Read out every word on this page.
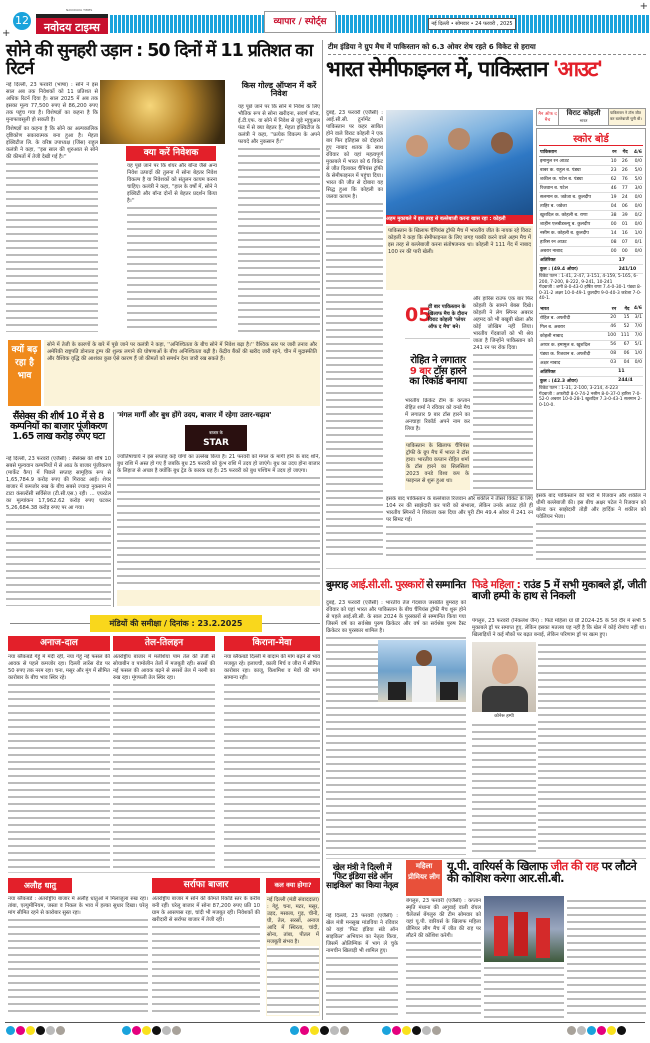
+
+
12
NAVODAYA TIMES
नवोदय टाइम्स	व्यापार / स्पोर्ट्स	नई दिल्ली • सोमवार • 24 फरवरी , 2025
सोने की सुनहरी उड़ान : 50 दिनों में 11 प्रतिशत का रिटर्न

नई दिल्ली, 23 फरवरी (भाषा) : सोने ने इस साल अब तक निवेशकों को 11 प्रतिशत से अधिक रिटर्न दिया है। साल 2025 में अब तक इसका मूल्य 77,500 रुपए से 86,200 रुपए तक पहुंच गया है। विशेषज्ञों का कहना है कि मुनाफावसूली हो सकती है।

विशेषज्ञों का कहना है कि सोने का अल्पकालिक दृष्टिकोण सकारात्मक बना हुआ है। मेहता इक्विटीज लि. के वरिष्ठ उपाध्यक्ष (जिंस) राहुल कलंत्री ने कहा, ''इस साल की शुरुआत से सोने की कीमतों में तेजी देखी गई है।''	क्या करें निवेशक

यह पूछे जाने पर कि शेयर और बॉन्ड जैसे अन्य निवेश उत्पादों की तुलना में सोना बेहतर निवेश विकल्प है या निवेशकों को संतुलन कायम करना चाहिए। कलंत्री ने कहा, ''हाल के वर्षों में, सोने ने इक्विटी और बॉन्ड दोनों से बेहतर प्रदर्शन किया है।''

किस गोल्ड ऑप्शन में करें निवेश

यह पूछे जाने पर कि सोने में निवेश के लिए भौतिक रूप से सोना खरीदना, सवर्ण बॉन्ड, ई.टी.एफ. या सोने में निवेश से जुड़े म्यूचुअल फंड में से क्या बेहतर है, मेहता इक्विटीज के कलंत्री ने कहा, ''प्रत्येक विकल्प के अपने फायदे और नुकसान हैं।''

क्यों बढ़ रहा है भाव

सोने में तेजी के कारणों के बारे में पूछे जाने पर कलंत्री ने कहा, ''अनिश्चितता के बीच सोने में निवेश बढ़ा है।'' वैश्विक स्तर पर जारी तनाव और अमेरिकी राष्ट्रपति डोनाल्ड ट्रम्प की शुल्क लगाने की घोषणाओं के बीच अनिश्चितता बढ़ी है। केंद्रीय बैंकों की खरीद जारी रहने, चीन में मुद्रास्फीति और वैश्विक वृद्धि की आशंका कुछ ऐसे कारण हैं जो कीमतों को समर्थन देना जारी रख सकते हैं।

सैंसेक्स की शीर्ष 10 में से 8 कम्पनियों का बाजार पूंजीकरण 1.65 लाख करोड़ रुपए घटा

नई दिल्ली, 23 फरवरी (एजैंसी) : सैंसेक्स की शीर्ष 10 सबसे मूल्यवान कम्पनियों में से आठ के बाजार पूंजीकरण (मार्केट कैप) में पिछले सप्ताह सामूहिक रूप से 1,65,784.9 करोड़ रुपए की गिरावट आई। शेयर बाजार में कमजोर रुख के बीच सबसे ज्यादा नुकसान में टाटा कंसल्टेंसी सर्विसेज (टी.सी.एस.) रही। ... एयरटेल का मूल्यांकन 17,962.62 करोड़ रुपए घटकर 5,26,684.38 करोड़ रुपए पर आ गया।

'मंगल मार्गी और बुध होंगे उदय, बाजार में रहेगा उतार-चढ़ाव'
बाजार के
STAR

ज्योतिषाचार्य ने इस सप्ताह कई योगों का उल्लेख किया है। 21 फरवरी को मंगल के मार्गी होने के बाद शनि, बुध राशि में अस्त हो गए हैं जबकि बुध 25 फरवरी को कुंभ राशि में उदय हो जाएंगे। बुध का उदय होना बाजार के लिहाज से अच्छा है क्योंकि बुध ट्रेड के कारक ग्रह हैं। 25 फरवरी को बुध पश्चिम में उदय हो जाएगा।

मंडियों की समीक्षा / दिनांक : 23.2.2025
अनाज-दाल

नया ब्लैकबर्ड गेहूं में मंदी रही, नया गेहूं नई फसल की आवक से पहले कमजोर रहा। दिल्ली लारेंस रोड पर 50 रुपए तक नरम रहा। चना, मसूर और मूंग में सीमित कारोबार के बीच भाव स्थिर रहे।

तेल-तिलहन

अंतर्राष्ट्रीय बाजार में मलेशिया पाम तेल की तेजी से सोयाबीन व पामोलीन तेलों में मजबूती रही। सरसों की नई फसल की आवक बढ़ने से सरसों तेल में नरमी का रुख रहा। मूंगफली तेल स्थिर रहा।

किराना-मेवा

नया ब्लैकबर्ड दिल्ली में बादाम की मांग बढ़ने से भाव मजबूत रहे। इलायची, काली मिर्च व जीरा में सीमित कारोबार रहा। काजू, किशमिश व मेवों की मांग सामान्य रही।

अलौह धातु

नया ब्लैकबर्ड : अंतर्राष्ट्रीय बाजार में अलौह धातुओं में मिलाजुला रुख रहा। तांबा, एल्युमीनियम, जस्ता व निकल के भाव में हल्का सुधार दिखा। घरेलू मांग सीमित रहने से कारोबार सुस्त रहा।

सर्राफा बाजार

अंतर्राष्ट्रीय बाजार में सोने की कीमतें रिकॉर्ड स्तर के करीब बनी रहीं। घरेलू बाजार में सोना 87,200 रुपए प्रति 10 ग्राम के आसपास रहा, चांदी भी मजबूत रही। निवेशकों की खरीदारी से सर्राफा बाजार में तेजी रही।

कल क्या होगा?

नई दिल्ली (मंडी संवाददाता) : गेहूं, चना, मटर, मसूर, उड़द, मसाला, गुड़, चीनी, घी, तेल, सरसों, अनाज आदि में स्थिरता, चांदी, सोना, तांबा, पीतल में मजबूती संभव है।

टीम इंडिया ने ग्रुप मैच में पाकिस्तान को 6.3 ओवर शेष रहते 6 विकेट से हराया
भारत सेमीफाइनल में, पाकिस्तान 'आउट'

दुबई, 23 फरवरी (एजैंसी) : आई.सी.सी. टूर्नामेंट में पाकिस्तान पर कहर साबित होने वाले विराट कोहली ने एक बार फिर इतिहास को दोहराते हुए नाबाद शतक के साथ रविवार को यहां महत्वपूर्ण मुकाबले में भारत को 6 विकेट से जीत दिलाकर चैंपियंस ट्रॉफी के सेमीफाइनल में पहुंचा दिया। भारत की जीत से दोबारा यह सिद्ध हुआ कि कोहली का जलवा कायम है।

अहम मुकाबले में इस तरह से बल्लेबाजी करना खास रहा : कोहली

पाकिस्तान के खिलाफ चैंपियंस ट्रॉफी मैच में भारतीय जीत के नायक रहे विराट कोहली ने कहा कि सेमीफाइनल के लिए जगह पक्की करने वाले अहम मैच में इस तरह से बल्लेबाजी करना संतोषजनक था। कोहली ने 111 गेंद में नाबाद 100 रन की पारी खेली।

05
वीं बार पाकिस्तान के खिलाफ मैच के दौरान विराट कोहली 'प्लेयर ऑफ द मैच' बने।
रोहित ने लगातार
9 बार टॉस हारने का रिकॉर्ड बनाया

भारतीय क्रिकेट टीम के कप्तान रोहित शर्मा ने रविवार को वनडे मैच में लगातार 9 बार टॉस हारने का अनचाहा रिकॉर्ड अपने नाम कर लिया है।

पाकिस्तान के खिलाफ चैंपियंस ट्रॉफी के ग्रुप मैच में भारत ने टॉस हारा। भारतीय कप्तान रोहित शर्मा के टॉस हारने का सिलसिला 2023 वनडे विश्व कप के फाइनल से शुरू हुआ था।

और हारिस राउफ एक बार फिर कोहली के सामने बेबस दिखे। कोहली ने लेग स्पिनर अबरार अहमद को भी बखूबी खेला और कोई जोखिम नहीं लिया। भारतीय गेंदबाजों को भी श्रेय जाता है जिन्होंने पाकिस्तान को 241 रन पर रोक दिया।

इसके बाद पाकिस्तान के बल्लेबाज रिजवान और शकील ने तीसरे विकेट के लिए 104 रन की साझेदारी कर पारी को संभाला, लेकिन उनके आउट होते ही भारतीय स्पिनरों ने शिकंजा कस दिया और पूरी टीम 49.4 ओवर में 241 रन पर सिमट गई।

मैन ऑफ द मैच
विराट कोहली
भारत
पाकिस्तान ने टॉस जीत कर बल्लेबाजी चुनी थी।
स्कोर बोर्ड
पाकिस्तान	रन	गेंद	4/6
इमामुल रन आउट	10	26	0/0
बाबर क. राहुल ब. पंड्या	23	26	5/0
शकील क. पटेल ब. पंड्या	62	76	5/0
रिजवान ब. पटेल	46	77	3/0
सलमान क. जडेजा ब. कुलदीप	19	24	0/0
ताहिर ब. जडेजा	04	06	0/0
खुशदिल क. कोहली ब. राणा	38	39	0/2
शाहीन एलबीडब्ल्यू ब. कुलदीप	00	01	0/0
नसीम क. कोहली ब. कुलदीप	14	16	1/0
हारिस रन आउट	08	07	0/1
अबरार नाबाद	00	00	0/0
अतिरिक्त		17	
कुल : (49.4 ओवर)		241/10	
विकेट पतन : 1-41, 2-47, 3-151, 4-159, 5-165, 6-200, 7-200, 8-222, 9-241, 10-241
गेंदबाजी : शमी 8-0-43-0 हर्षित राणा 7.4-0-30-1 पंड्या 8-0-31-2 अक्षर 10-0-49-1 कुलदीप 9-0-40-3 जडेजा 7-0-40-1.
भारत	रन	गेंद	4/6
रोहित ब. अफरीदी	20	15	3/1
गिल ब. अबरार	46	52	7/0
कोहली नाबाद	100	111	7/0
अय्यर क. इमामुल ब. खुशदिल	56	67	5/1
पंड्या क. रिजवान ब. अफरीदी	08	06	1/0
अक्षर नाबाद	03	04	0/0
अतिरिक्त		11	
कुल : (42.3 ओवर)		244/4	
विकेट पतन : 1-31, 2-100, 3-214, 4-223
गेंदबाजी : अफरीदी 8-0-74-2 नसीम 8-0-37-0 हारिस 7-0-52-0 अबरार 10-0-28-1 खुशदिल 7.3-0-43-1 सलमान 2-0-10-0.

इसके बाद पाकिस्तान की पारी में रिजवान और शकील ने धीमी बल्लेबाजी की। इस बीच अक्षर पटेल ने रिजवान को बोल्ड कर साझेदारी तोड़ी और हार्दिक ने शकील को पवेलियन भेजा।

बुमराह आई.सी.सी. पुरस्कारों से सम्मानित

दुबई, 23 फरवरी (एजैंसी) : भारतीय तेज गेंदबाज जसप्रीत बुमराह को रविवार को यहां भारत और पाकिस्तान के बीच चैंपियंस ट्रॉफी मैच शुरू होने से पहले आई.सी.सी. के साल 2024 के पुरस्कारों से सम्मानित किया गया जिसमें वर्ष का सर्वश्रेष्ठ पुरुष क्रिकेटर और वर्ष का सर्वश्रेष्ठ पुरुष टैस्ट क्रिकेटर का पुरस्कार शामिल है।

फिडे महिला : राउंड 5 में सभी मुकाबले ड्रॉ, जीती बाजी हम्पी के हाथ से निकली

पेंगलुरु, 23 फरवरी (निकलेश जैन) : फिडे महिला ग्रां प्री 2024-25 के 5वें दौर में सभी 5 मुकाबले ड्रॉ पर समाप्त हुए, लेकिन इसका मतलब यह नहीं है कि खेल में कोई रोमांच नहीं था। खिलाड़ियों ने कई मौकों पर बढ़त बनाई, लेकिन परिणाम ड्रॉ पर खत्म हुए।

कोनेरू हम्पी
खेल मंत्री ने दिल्ली में 'फिट इंडिया संडे ऑन साइकिल' का किया नेतृत्व

नई दिल्ली, 23 फरवरी (एजैंसी) : खेल मंत्री मनसुख मांडविया ने रविवार को यहां 'फिट इंडिया संडे ऑन साइकिल' अभियान का नेतृत्व किया, जिसमें ओलिम्पिक में भाग ले चुके नामचीन खिलाड़ी भी शामिल हुए।

महिला प्रीमियर लीग
यू.पी. वारियर्स के खिलाफ जीत की राह पर लौटने की कोशिश करेगा आर.सी.बी.

बेंगलुरु, 23 फरवरी (एजैंसी) : कप्तान स्मृति मंधाना की अगुवाई वाली रॉयल चैलेंजर्स बेंगलुरु की टीम सोमवार को यहां यू.पी. वारियर्स के खिलाफ महिला प्रीमियर लीग मैच में जीत की राह पर लौटने की कोशिश करेगी।
